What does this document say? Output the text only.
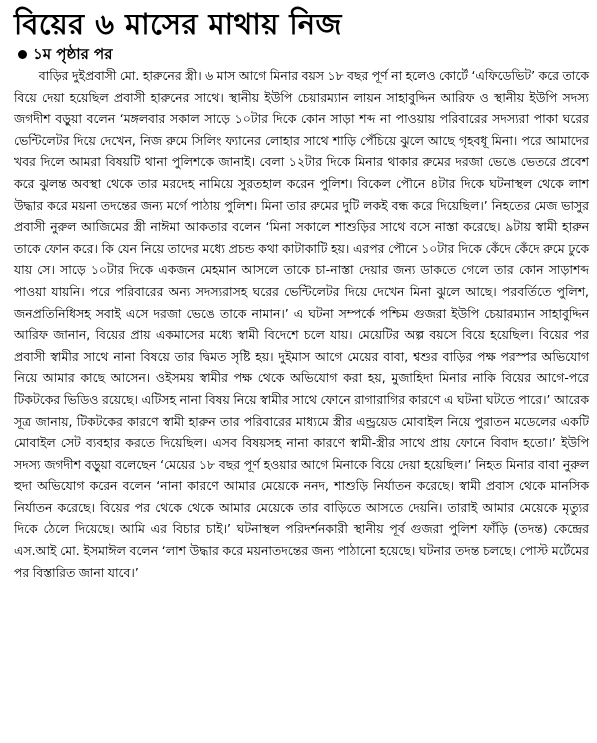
বিয়ের ৬ মাসের মাথায় নিজ
১ম পৃষ্ঠার পর

বাড়ির দুইপ্রবাসী মো. হারুনের স্ত্রী। ৬ মাস আগে মিনার বয়স ১৮ বছর পূর্ণ না হলেও কোর্টে ‘এফিডেভিট’ করে তাকে বিয়ে দেয়া হয়েছিল প্রবাসী হারুনের সাথে। স্থানীয় ইউপি চেয়ারম্যান লায়ন সাহাবুদ্দিন আরিফ ও স্থানীয় ইউপি সদস্য জগদীশ বড়ুয়া বলেন ‘মঙ্গলবার সকাল সাড়ে ১০টার দিকে কোন সাড়া শব্দ না পাওয়ায় পরিবারের সদস্যরা পাকা ঘরের ভেন্টিলেটর দিয়ে দেখেন, নিজ রুমে সিলিং ফ্যানের লোহার সাথে শাড়ি পেঁচিয়ে ঝুলে আছে গৃহবধূ মিনা। পরে আমাদের খবর দিলে আমরা বিষয়টি থানা পুলিশকে জানাই। বেলা ১২টার দিকে মিনার থাকার রুমের দরজা ভেঙে ভেতরে প্রবেশ করে ঝুলন্ত অবস্থা থেকে তার মরদেহ নামিয়ে সুরতহাল করেন পুলিশ। বিকেল পৌনে ৪টার দিকে ঘটনাস্থল থেকে লাশ উদ্ধার করে ময়না তদন্তের জন্য মর্গে পাঠায় পুলিশ। মিনা তার রুমের দুটি লকই বন্ধ করে দিয়েছিল।’ নিহতের মেজ ভাসুর প্রবাসী নুরুল আজিমের স্ত্রী নাঈমা আকতার বলেন ‘মিনা সকালে শাশুড়ির সাথে বসে নাস্তা করেছে। ৯টায় স্বামী হারুন তাকে ফোন করে। কি যেন নিয়ে তাদের মধ্যে প্রচন্ড কথা কাটাকাটি হয়। এরপর পৌনে ১০টার দিকে কেঁদে কেঁদে রুমে ঢুকে যায় সে। সাড়ে ১০টার দিকে একজন মেহমান আসলে তাকে চা-নাস্তা দেয়ার জন্য ডাকতে গেলে তার কোন সাড়াশব্দ পাওয়া যায়নি। পরে পরিবারের অন্য সদস্যরাসহ ঘরের ভেন্টিলেটর দিয়ে দেখেন মিনা ঝুলে আছে। পরবর্তিতে পুলিশ, জনপ্রতিনিধিসহ সবাই এসে দরজা ভেঙে তাকে নামান।’ এ ঘটনা সম্পর্কে পশ্চিম গুজরা ইউপি চেয়ারম্যান সাহাবুদ্দিন আরিফ জানান, বিয়ের প্রায় একমাসের মধ্যে স্বামী বিদেশে চলে যায়। মেয়েটির অল্প বয়সে বিয়ে হয়েছিল। বিয়ের পর প্রবাসী স্বামীর সাথে নানা বিষয়ে তার দ্বিমত সৃষ্টি হয়। দুইমাস আগে মেয়ের বাবা, শ্বশুর বাড়ির পক্ষ পরস্পর অভিযোগ নিয়ে আমার কাছে আসেন। ওইসময় স্বামীর পক্ষ থেকে অভিযোগ করা হয়, মুজাহিদা মিনার নাকি বিয়ের আগে-পরে টিকটকের ভিডিও রয়েছে। এটিসহ নানা বিষয় নিয়ে স্বামীর সাথে ফোনে রাগারাগির কারণে এ ঘটনা ঘটতে পারে।’ আরেক সূত্র জানায়, টিকটকের কারণে স্বামী হারুন তার পরিবারের মাধ্যমে স্ত্রীর এন্ড্রয়েড মোবাইল নিয়ে পুরাতন মডেলের একটি মোবাইল সেট ব্যবহার করতে দিয়েছিল। এসব বিষয়সহ নানা কারণে স্বামী-স্ত্রীর সাথে প্রায় ফোনে বিবাদ হতো।’ ইউপি সদস্য জগদীশ বড়ুয়া বলেছেন ‘মেয়ের ১৮ বছর পূর্ণ হওয়ার আগে মিনাকে বিয়ে দেয়া হয়েছিল।’ নিহত মিনার বাবা নুরুল হুদা অভিযোগ করেন বলেন ‘নানা কারণে আমার মেয়েকে ননদ, শাশুড়ি নির্যাতন করেছে। স্বামী প্রবাস থেকে মানসিক নির্যাতন করেছে। বিয়ের পর থেকে থেকে আমার মেয়েকে তার বাড়িতে আসতে দেয়নি। তারাই আমার মেয়েকে মৃত্যুর দিকে ঠেলে দিয়েছে। আমি এর বিচার চাই।’ ঘটনাস্থল পরিদর্শনকারী স্থানীয় পূর্ব গুজরা পুলিশ ফাঁড়ি (তদন্ত) কেন্দ্রের এস.আই মো. ইসমাঈল বলেন ‘লাশ উদ্ধার করে ময়নাতদন্তের জন্য পাঠানো হয়েছে। ঘটনার তদন্ত চলছে। পোস্ট মর্টেমের পর বিস্তারিত জানা যাবে।’
